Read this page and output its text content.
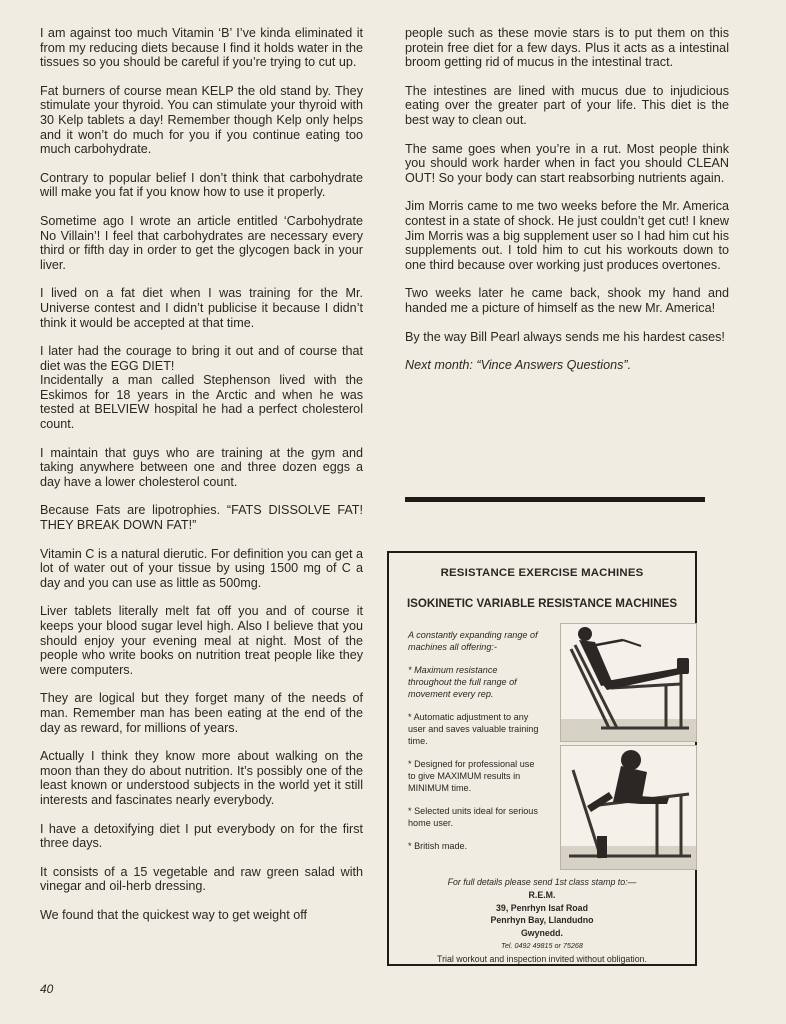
I am against too much Vitamin ‘B’ I’ve kinda eliminated it from my reducing diets because I find it holds water in the tissues so you should be careful if you’re trying to cut up.

Fat burners of course mean KELP the old stand by. They stimulate your thyroid. You can stimulate your thyroid with 30 Kelp tablets a day! Remember though Kelp only helps and it won’t do much for you if you continue eating too much carbohydrate.

Contrary to popular belief I don’t think that carbohydrate will make you fat if you know how to use it properly.

Sometime ago I wrote an article entitled ‘Carbohydrate No Villain’! I feel that carbohydrates are necessary every third or fifth day in order to get the glycogen back in your liver.

I lived on a fat diet when I was training for the Mr. Universe contest and I didn’t publicise it because I didn’t think it would be accepted at that time.

I later had the courage to bring it out and of course that diet was the EGG DIET!

Incidentally a man called Stephenson lived with the Eskimos for 18 years in the Arctic and when he was tested at BELVIEW hospital he had a perfect cholesterol count.

I maintain that guys who are training at the gym and taking anywhere between one and three dozen eggs a day have a lower cholesterol count.

Because Fats are lipotrophies. “FATS DISSOLVE FAT! THEY BREAK DOWN FAT!”

Vitamin C is a natural dierutic. For definition you can get a lot of water out of your tissue by using 1500 mg of C a day and you can use as little as 500mg.

Liver tablets literally melt fat off you and of course it keeps your blood sugar level high. Also I believe that you should enjoy your evening meal at night. Most of the people who write books on nutrition treat people like they were computers.

They are logical but they forget many of the needs of man. Remember man has been eating at the end of the day as reward, for millions of years.

Actually I think they know more about walking on the moon than they do about nutrition. It’s possibly one of the least known or understood subjects in the world yet it still interests and fascinates nearly everybody.

I have a detoxifying diet I put everybody on for the first three days.

It consists of a 15 vegetable and raw green salad with vinegar and oil-herb dressing.

We found that the quickest way to get weight off

people such as these movie stars is to put them on this protein free diet for a few days. Plus it acts as a intestinal broom getting rid of mucus in the intestinal tract.

The intestines are lined with mucus due to injudicious eating over the greater part of your life. This diet is the best way to clean out.

The same goes when you’re in a rut. Most people think you should work harder when in fact you should CLEAN OUT! So your body can start reabsorbing nutrients again.

Jim Morris came to me two weeks before the Mr. America contest in a state of shock. He just couldn’t get cut! I knew Jim Morris was a big supplement user so I had him cut his supplements out. I told him to cut his workouts down to one third because over working just produces overtones.

Two weeks later he came back, shook my hand and handed me a picture of himself as the new Mr. America!

By the way Bill Pearl always sends me his hardest cases!

Next month: “Vince Answers Questions”.

RESISTANCE EXERCISE MACHINES
ISOKINETIC VARIABLE RESISTANCE MACHINES

A constantly expanding range of machines all offering:-

* Maximum resistance throughout the full range of movement every rep.

* Automatic adjustment to any user and saves valuable training time.

* Designed for professional use to give MAXIMUM results in MINIMUM time.

* Selected units ideal for serious home user.

* British made.

For full details please send 1st class stamp to:—
R.E.M.
39, Penrhyn Isaf Road
Penrhyn Bay, Llandudno
Gwynedd.
Tel. 0492 49815 or 75268
Trial workout and inspection invited without obligation.
40
